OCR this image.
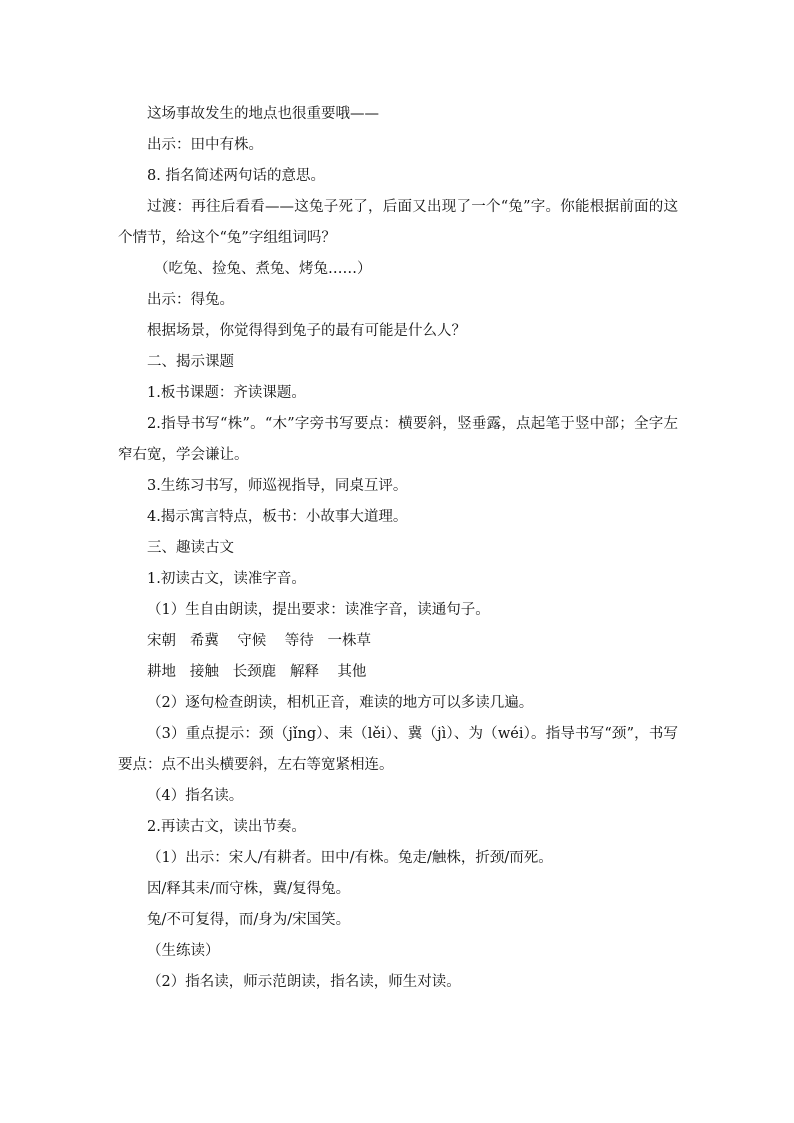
这场事故发生的地点也很重要哦——

出示：田中有株。

8. 指名简述两句话的意思。

过渡：再往后看看——这兔子死了，后面又出现了一个“兔”字。你能根据前面的这个情节，给这个“兔”字组组词吗？

（吃兔、捡兔、煮兔、烤兔……）

出示：得兔。

根据场景，你觉得得到兔子的最有可能是什么人？

二、揭示课题

1.板书课题：齐读课题。

2.指导书写“株”。“木”字旁书写要点：横要斜，竖垂露，点起笔于竖中部；全字左窄右宽，学会谦让。

3.生练习书写，师巡视指导，同桌互评。

4.揭示寓言特点，板书：小故事大道理。

三、趣读古文

1.初读古文，读准字音。

（1）生自由朗读，提出要求：读准字音，读通句子。

宋朝   希冀    守候    等待   一株草

耕地   接触   长颈鹿   解释    其他

（2）逐句检查朗读，相机正音，难读的地方可以多读几遍。

（3）重点提示：颈（jǐng）、耒（lěi）、冀（jì）、为（wéi）。指导书写“颈”，书写要点：点不出头横要斜，左右等宽紧相连。

（4）指名读。

2.再读古文，读出节奏。

（1）出示：宋人/有耕者。田中/有株。兔走/触株，折颈/而死。

因/释其耒/而守株，冀/复得兔。

兔/不可复得，而/身为/宋国笑。

（生练读）

（2）指名读，师示范朗读，指名读，师生对读。
